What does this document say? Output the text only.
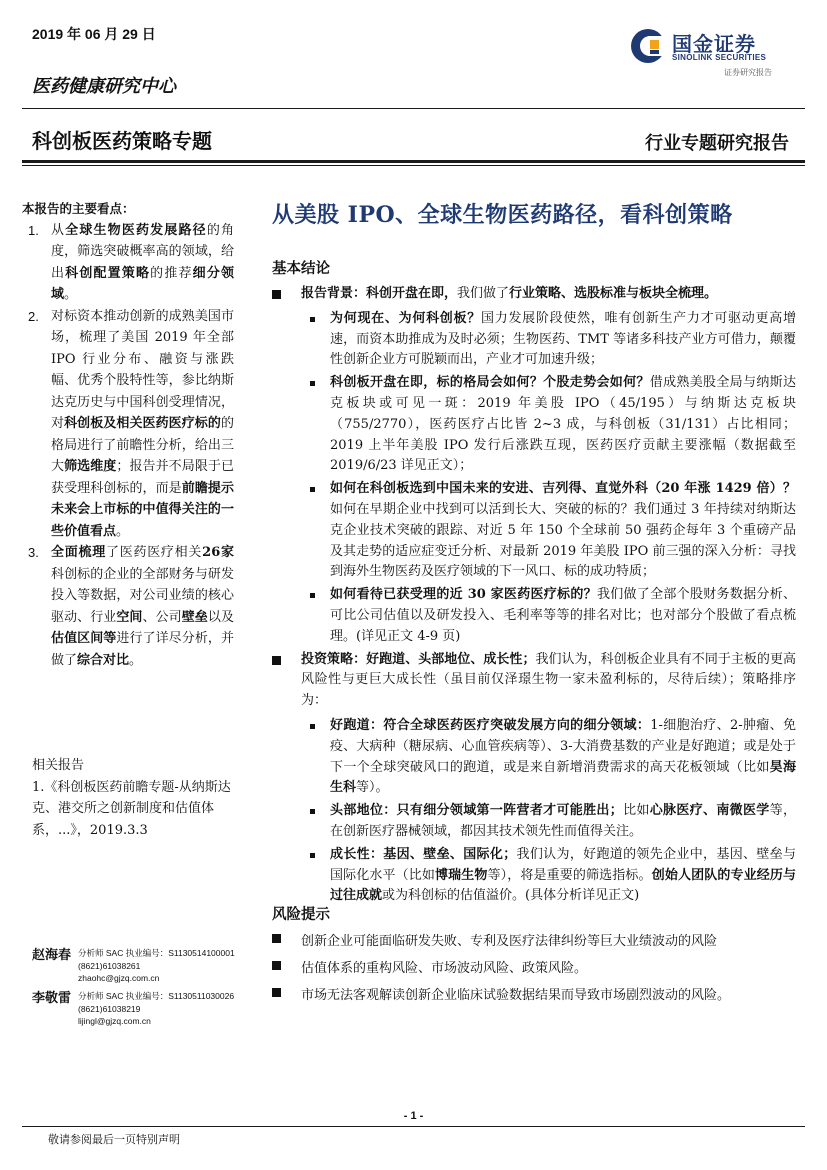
2019 年 06 月 29 日	国金证券
SINOLINK SECURITIES
证券研究报告
医药健康研究中心
科创板医药策略专题	行业专题研究报告
本报告的主要看点：
1. 从全球生物医药发展路径的角度，筛选突破概率高的领域，给出科创配置策略的推荐细分领域。
2. 对标资本推动创新的成熟美国市场，梳理了美国 2019 年全部 IPO 行业分布、融资与涨跌幅、优秀个股特性等，参比纳斯达克历史与中国科创受理情况，对科创板及相关医药医疗标的的格局进行了前瞻性分析，给出三大筛选维度；报告并不局限于已获受理科创标的，而是前瞻提示未来会上市标的中值得关注的一些价值看点。
3. 全面梳理了医药医疗相关26家科创标的企业的全部财务与研发投入等数据，对公司业绩的核心驱动、行业空间、公司壁垒以及估值区间等进行了详尽分析，并做了综合对比。
相关报告
1.《科创板医药前瞻专题-从纳斯达克、港交所之创新制度和估值体系，...》，2019.3.3
赵海春 分析师 SAC 执业编号：S1130514100001
(8621)61038261
zhaohc@gjzq.com.cn
李敬雷 分析师 SAC 执业编号：S1130511030026
(8621)61038219
lijingl@gjzq.com.cn
从美股 IPO、全球生物医药路径，看科创策略
基本结论
报告背景：科创开盘在即，我们做了行业策略、选股标准与板块全梳理。
为何现在、为何科创板？国力发展阶段使然，唯有创新生产力才可驱动更高增速，而资本助推成为及时必须；生物医药、TMT 等诸多科技产业方可借力，颠覆性创新企业方可脱颖而出，产业才可加速升级；
科创板开盘在即，标的格局会如何？个股走势会如何？借成熟美股全局与纳斯达克板块或可见一斑：2019 年美股 IPO（45/195）与纳斯达克板块（755/2770），医药医疗占比皆 2~3 成，与科创板（31/131）占比相同；2019 上半年美股 IPO 发行后涨跌互现，医药医疗贡献主要涨幅（数据截至 2019/6/23 详见正文）；
如何在科创板选到中国未来的安进、吉列得、直觉外科（20 年涨 1429 倍）？如何在早期企业中找到可以活到长大、突破的标的？我们通过 3 年持续对纳斯达克企业技术突破的跟踪、对近 5 年 150 个全球前 50 强药企每年 3 个重磅产品及其走势的适应症变迁分析、对最新 2019 年美股 IPO 前三强的深入分析：寻找到海外生物医药及医疗领域的下一风口、标的成功特质；
如何看待已获受理的近 30 家医药医疗标的？我们做了全部个股财务数据分析、可比公司估值以及研发投入、毛利率等等的排名对比；也对部分个股做了看点梳理。(详见正文 4-9 页)
投资策略：好跑道、头部地位、成长性；我们认为，科创板企业具有不同于主板的更高风险性与更巨大成长性（虽目前仅泽璟生物一家未盈利标的，尽待后续）；策略排序为：
好跑道：符合全球医药医疗突破发展方向的细分领域：1-细胞治疗、2-肿瘤、免疫、大病种（糖尿病、心血管疾病等）、3-大消费基数的产业是好跑道；或是处于下一个全球突破风口的跑道，或是来自新增消费需求的高天花板领域（比如昊海生科等）。
头部地位：只有细分领域第一阵营者才可能胜出；比如心脉医疗、南微医学等，在创新医疗器械领域，都因其技术领先性而值得关注。
成长性：基因、壁垒、国际化；我们认为，好跑道的领先企业中，基因、壁垒与国际化水平（比如博瑞生物等），将是重要的筛选指标。创始人团队的专业经历与过往成就或为科创标的估值溢价。(具体分析详见正文)
风险提示
创新企业可能面临研发失败、专利及医疗法律纠纷等巨大业绩波动的风险
估值体系的重构风险、市场波动风险、政策风险。
市场无法客观解读创新企业临床试验数据结果而导致市场剧烈波动的风险。
- 1 -
敬请参阅最后一页特别声明
